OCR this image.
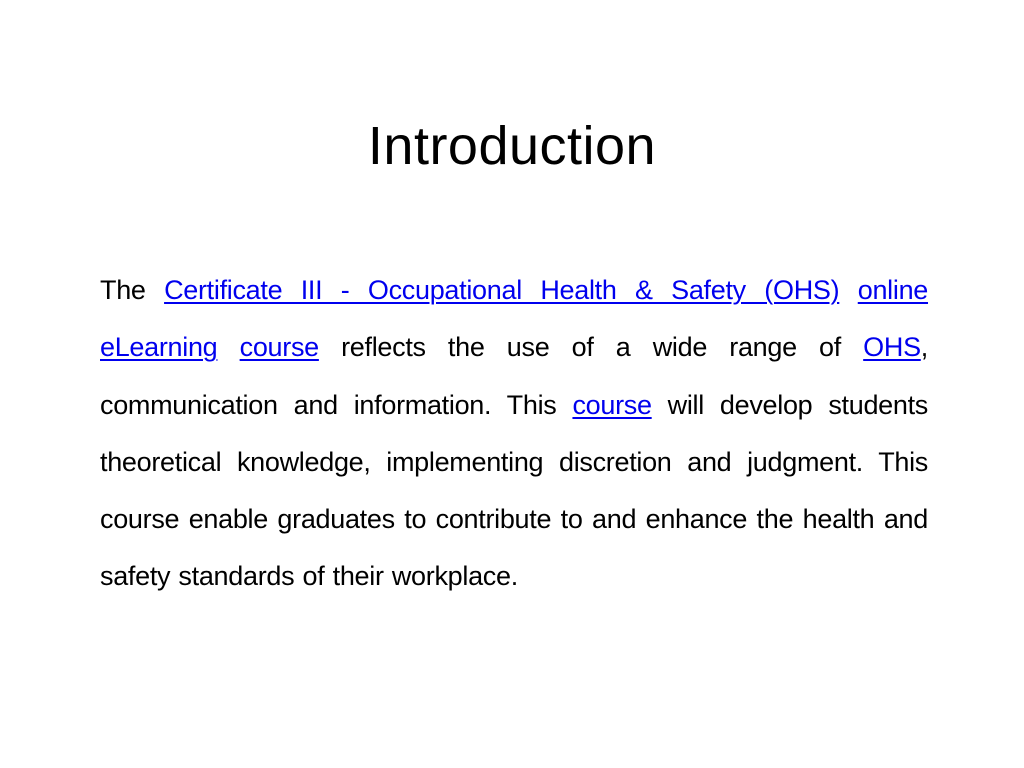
Introduction

The Certificate III - Occupational Health & Safety (OHS) online eLearning course reflects the use of a wide range of OHS, communication and information. This course will develop students theoretical knowledge, implementing discretion and judgment. This course enable graduates to contribute to and enhance the health and safety standards of their workplace.
